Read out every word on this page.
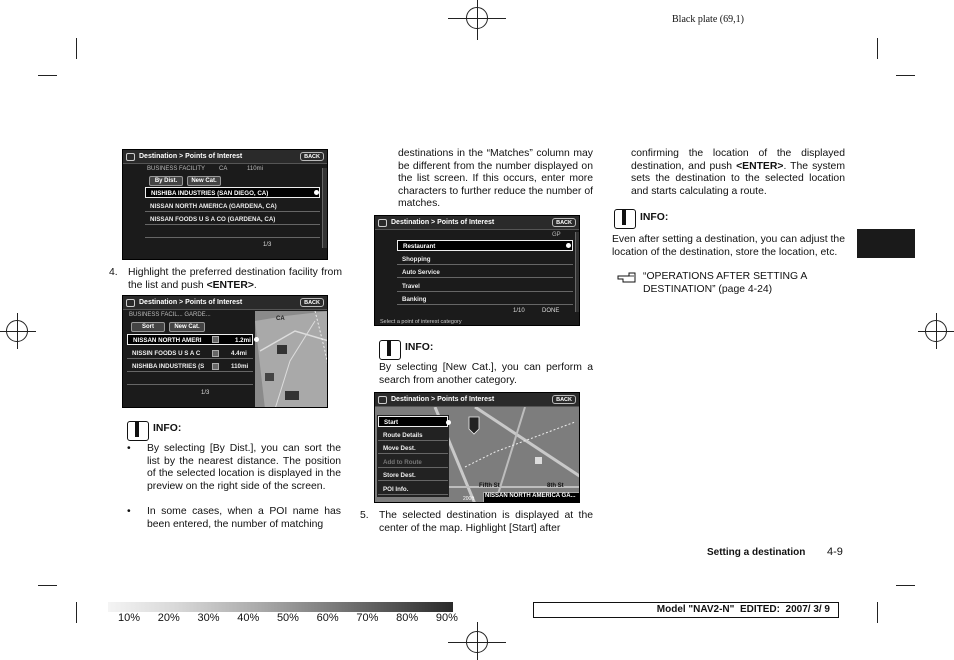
Black plate (69,1)
Destination > Points of Interest	BACK
BUSINESS FACILITY CA	110mi
By Dist.	New Cat.
NISHIBA INDUSTRIES (SAN DIEGO, CA)
NISSAN NORTH AMERICA (GARDENA, CA)
NISSAN FOODS U S A CO (GARDENA, CA)
1/3
4. Highlight the preferred destination facility from the list and push <ENTER>.
Destination > Points of Interest	BACK
CA
BUSINESS FACIL... GARDE...
Sort	New Cat.
NISSAN NORTH AMERI	1.2mi
NISSIN FOODS U S A C	4.4mi
NISHIBA INDUSTRIES (S	110mi
1/3
INFO:
• By selecting [By Dist.], you can sort the list by the nearest distance. The position of the selected location is displayed in the preview on the right side of the screen.
• In some cases, when a POI name has been entered, the number of matching
destinations in the “Matches” column may be different from the number displayed on the list screen. If this occurs, enter more characters to further reduce the number of matches.
Destination > Points of Interest	BACK
GP
Restaurant
Shopping
Auto Service
Travel
Banking
1/10	DONE
Select a point of interest category
INFO:
By selecting [New Cat.], you can perform a search from another category.
Destination > Points of Interest	BACK
Start
Route Details
Move Dest.
Add to Route
Store Dest.
POI Info.	Fifth St	8th St
NISSAN NORTH AMERICA GA...
200ft
5. The selected destination is displayed at the center of the map. Highlight [Start] after
confirming the location of the displayed destination, and push <ENTER>. The system sets the destination to the selected location and starts calculating a route.
INFO:
Even after setting a destination, you can adjust the location of the destination, store the location, etc.
“OPERATIONS AFTER SETTING A DESTINATION” (page 4-24)
Setting a destination 4-9
10% 20% 30% 40% 50% 60% 70% 80% 90%
Model "NAV2-N"  EDITED:  2007/ 3/ 9
